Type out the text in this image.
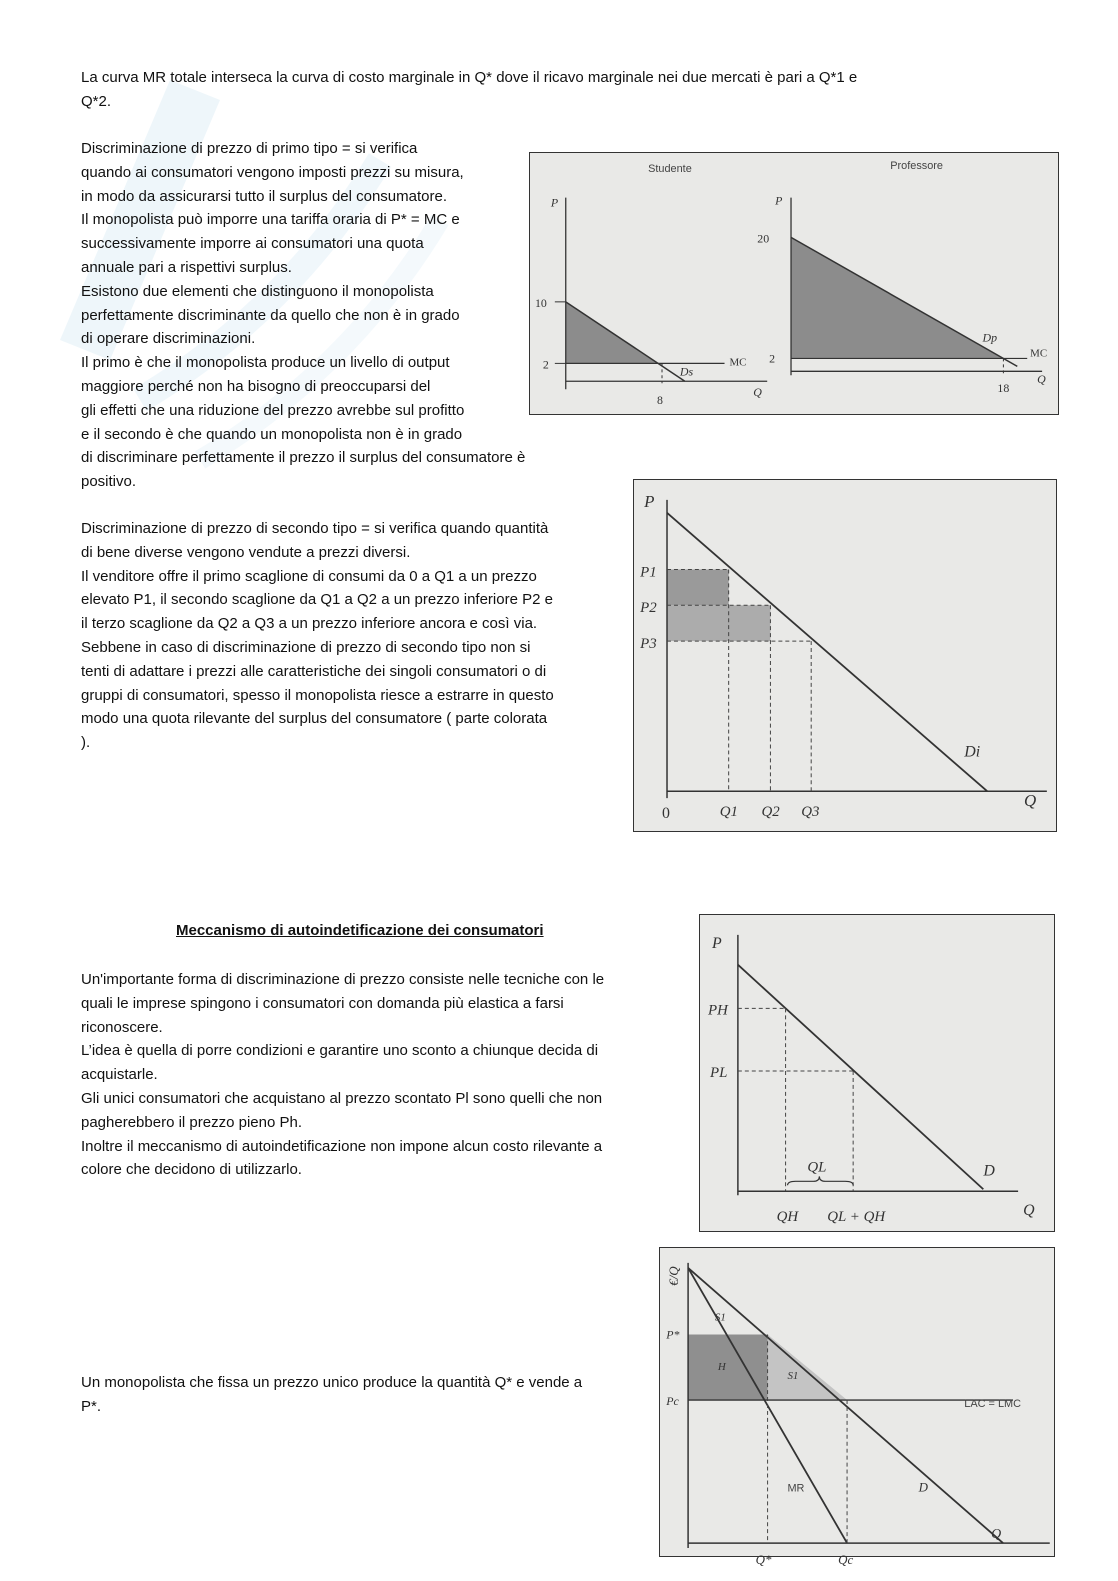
La curva MR totale interseca la curva di costo marginale in Q* dove il ricavo marginale nei due mercati è pari a Q*1 e
Q*2.
Discriminazione di prezzo di primo tipo = si verifica
quando ai consumatori vengono imposti prezzi su misura,
in modo da assicurarsi tutto il surplus del consumatore.
Il monopolista può imporre una tariffa oraria di P* = MC e
successivamente imporre ai consumatori una quota
annuale pari a rispettivi surplus.
Esistono due elementi che distinguono il monopolista
perfettamente discriminante da quello che non è in grado
di operare discriminazioni.
Il primo è che il monopolista produce un livello di output
maggiore perché non ha bisogno di preoccuparsi del
gli effetti che una riduzione del prezzo avrebbe sul profitto
e il secondo è che quando un monopolista non è in grado
di discriminare perfettamente il prezzo il surplus del consumatore è
positivo.
Discriminazione di prezzo di secondo tipo = si verifica quando quantità
di bene diverse vengono vendute a prezzi diversi.
Il venditore offre il primo scaglione di consumi da 0 a Q1 a un prezzo
elevato P1, il secondo scaglione da Q1 a Q2 a un prezzo inferiore P2 e
il terzo scaglione da Q2 a Q3 a un prezzo inferiore ancora e così via.
Sebbene in caso di discriminazione di prezzo di secondo tipo non si
tenti di adattare i prezzi alle caratteristiche dei singoli consumatori o di
gruppi di consumatori, spesso il monopolista riesce a estrarre in questo
modo una quota rilevante del surplus del consumatore ( parte colorata
).
Meccanismo di autoindetificazione dei consumatori
Un'importante forma di discriminazione di prezzo consiste nelle tecniche con le
quali le imprese spingono i consumatori con domanda più elastica a farsi
riconoscere.
L’idea è quella di porre condizioni e garantire uno sconto a chiunque decida di
acquistarle.
Gli unici consumatori che acquistano al prezzo scontato Pl sono quelli che non
pagherebbero il prezzo pieno Ph.
Inoltre il meccanismo di autoindetificazione non impone alcun costo rilevante a
colore che decidono di utilizzarlo.
Un monopolista che fissa un prezzo unico produce la quantità Q* e vende a
P*.
Studente	Professore
P
Q
10
2
8
MC
Ds
P
Q
20
2
18
MC
Dp
P
Q
0
P1
P2
P3
Q1 Q2 Q3
Di
P
Q
PH
PL
QH
QL
QL + QH
D
€/Q
Q
P*
Pc
Q*	Qc
S1
S1
H
LAC = LMC
MR	D
